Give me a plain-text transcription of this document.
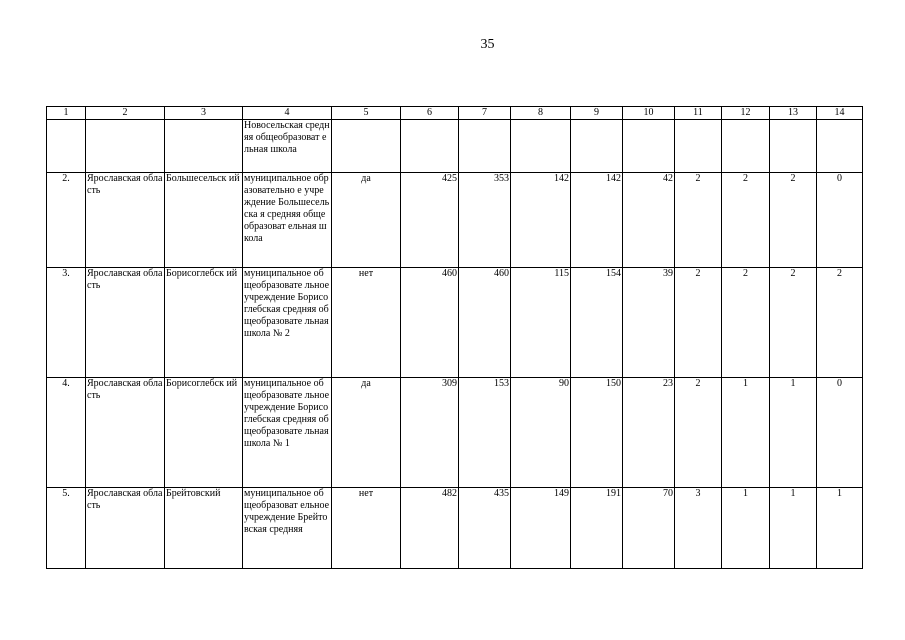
35
1	2	3	4	5	6	7	8	9	10	11	12	13	14
			Новосельская средняя общеобразоват ельная школа										
2.	Ярославская область	Большесельск ий	муниципальное образовательно е учреждение Большесельска я средняя общеобразоват ельная школа	да	425	353	142	142	42	2	2	2	0
3.	Ярославская область	Борисоглебск ий	муниципальное общеобразовате льное учреждение Борисоглебская средняя общеобразовате льная школа № 2	нет	460	460	115	154	39	2	2	2	2
4.	Ярославская область	Борисоглебск ий	муниципальное общеобразовате льное учреждение Борисоглебская средняя общеобразовате льная школа № 1	да	309	153	90	150	23	2	1	1	0
5.	Ярославская область	Брейтовский	муниципальное общеобразоват ельное учреждение Брейтовская средняя	нет	482	435	149	191	70	3	1	1	1
